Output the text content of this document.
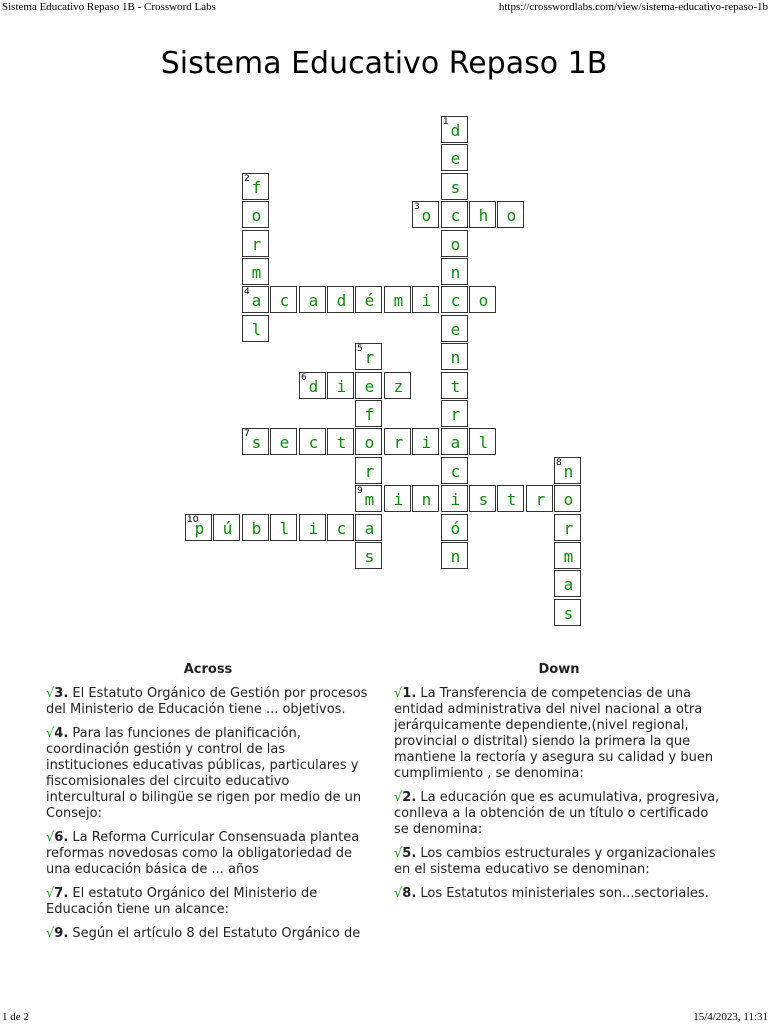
Sistema Educativo Repaso 1B - Crossword Labs	https://crosswordlabs.com/view/sistema-educativo-repaso-1b
Sistema Educativo Repaso 1B
1 d
e
s
c
o
n
c
e
n
t
r
a
c
i
ó
n
2 f
o
r
m
4 a
l
3 o	h	o
c	a	d	é	m	i	o
5 r
e
f
o
r
9 m
a
s
6 d	i	z
7 s	e	c	t	r	i	l
8 n
o
r
m
a
s
i	n	s	t	r
10
p	ú	b	l	i	c
Across
√3. El Estatuto Orgánico de Gestión por procesos del Ministerio de Educación tiene ... objetivos.
√4. Para las funciones de planificación, coordinación gestión y control de las instituciones educativas públicas, particulares y fiscomisionales del circuito educativo intercultural o bilingüe se rigen por medio de un Consejo:
√6. La Reforma Curricular Consensuada plantea reformas novedosas como la obligatoriedad de una educación básica de ... años
√7. El estatuto Orgánico del Ministerio de Educación tiene un alcance:
√9. Según el artículo 8 del Estatuto Orgánico de
Down
√1. La Transferencia de competencias de una entidad administrativa del nivel nacional a otra jerárquicamente dependiente,(nivel regional, provincial o distrital) siendo la primera la que mantiene la rectoría y asegura su calidad y buen cumplimiento , se denomina:
√2. La educación que es acumulativa, progresiva, conlleva a la obtención de un título o certificado se denomina:
√5. Los cambios estructurales y organizacionales en el sistema educativo se denominan:
√8. Los Estatutos ministeriales son...sectoriales.
1 de 2	15/4/2023, 11:31
